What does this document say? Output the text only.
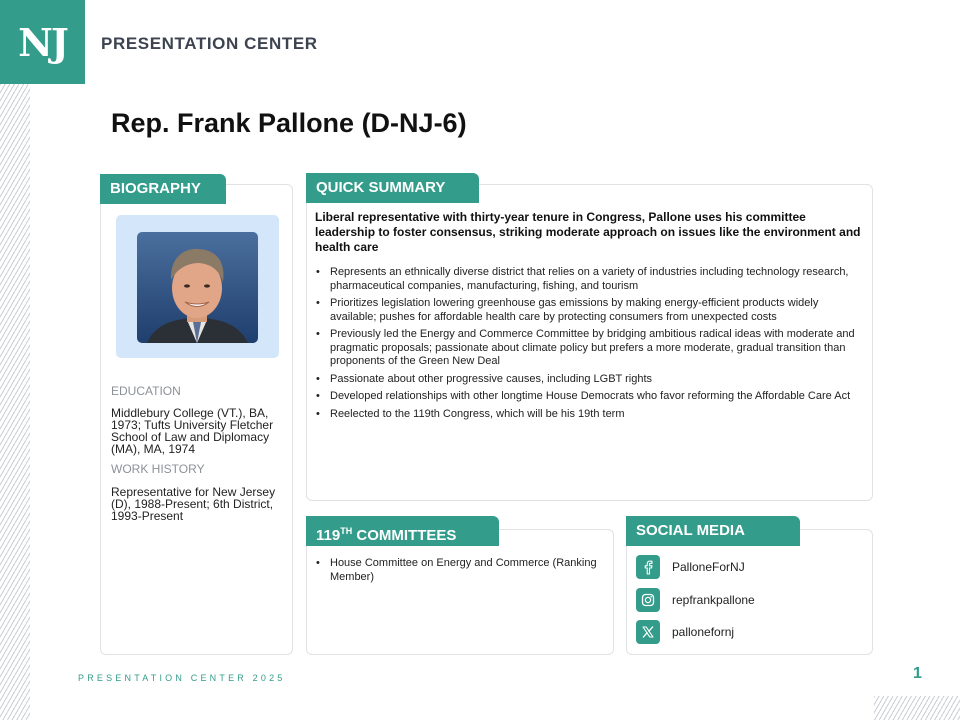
NJ PRESENTATION CENTER
Rep. Frank Pallone (D-NJ-6)
BIOGRAPHY
EDUCATION
Middlebury College (VT.), BA, 1973; Tufts University Fletcher School of Law and Diplomacy (MA), MA, 1974
WORK HISTORY
Representative for New Jersey (D), 1988-Present; 6th District, 1993-Present
QUICK SUMMARY
Liberal representative with thirty-year tenure in Congress, Pallone uses his committee leadership to foster consensus, striking moderate approach on issues like the environment and health care
• Represents an ethnically diverse district that relies on a variety of industries including technology research, pharmaceutical companies, manufacturing, fishing, and tourism
• Prioritizes legislation lowering greenhouse gas emissions by making energy-efficient products widely available; pushes for affordable health care by protecting consumers from unexpected costs
• Previously led the Energy and Commerce Committee by bridging ambitious radical ideas with moderate and pragmatic proposals; passionate about climate policy but prefers a more moderate, gradual transition than proponents of the Green New Deal
• Passionate about other progressive causes, including LGBT rights
• Developed relationships with other longtime House Democrats who favor reforming the Affordable Care Act
• Reelected to the 119th Congress, which will be his 19th term
119TH COMMITTEES
• House Committee on Energy and Commerce (Ranking Member)
SOCIAL MEDIA
PalloneForNJ
repfrankpallone
pallonefornj
PRESENTATION CENTER 2025	1
